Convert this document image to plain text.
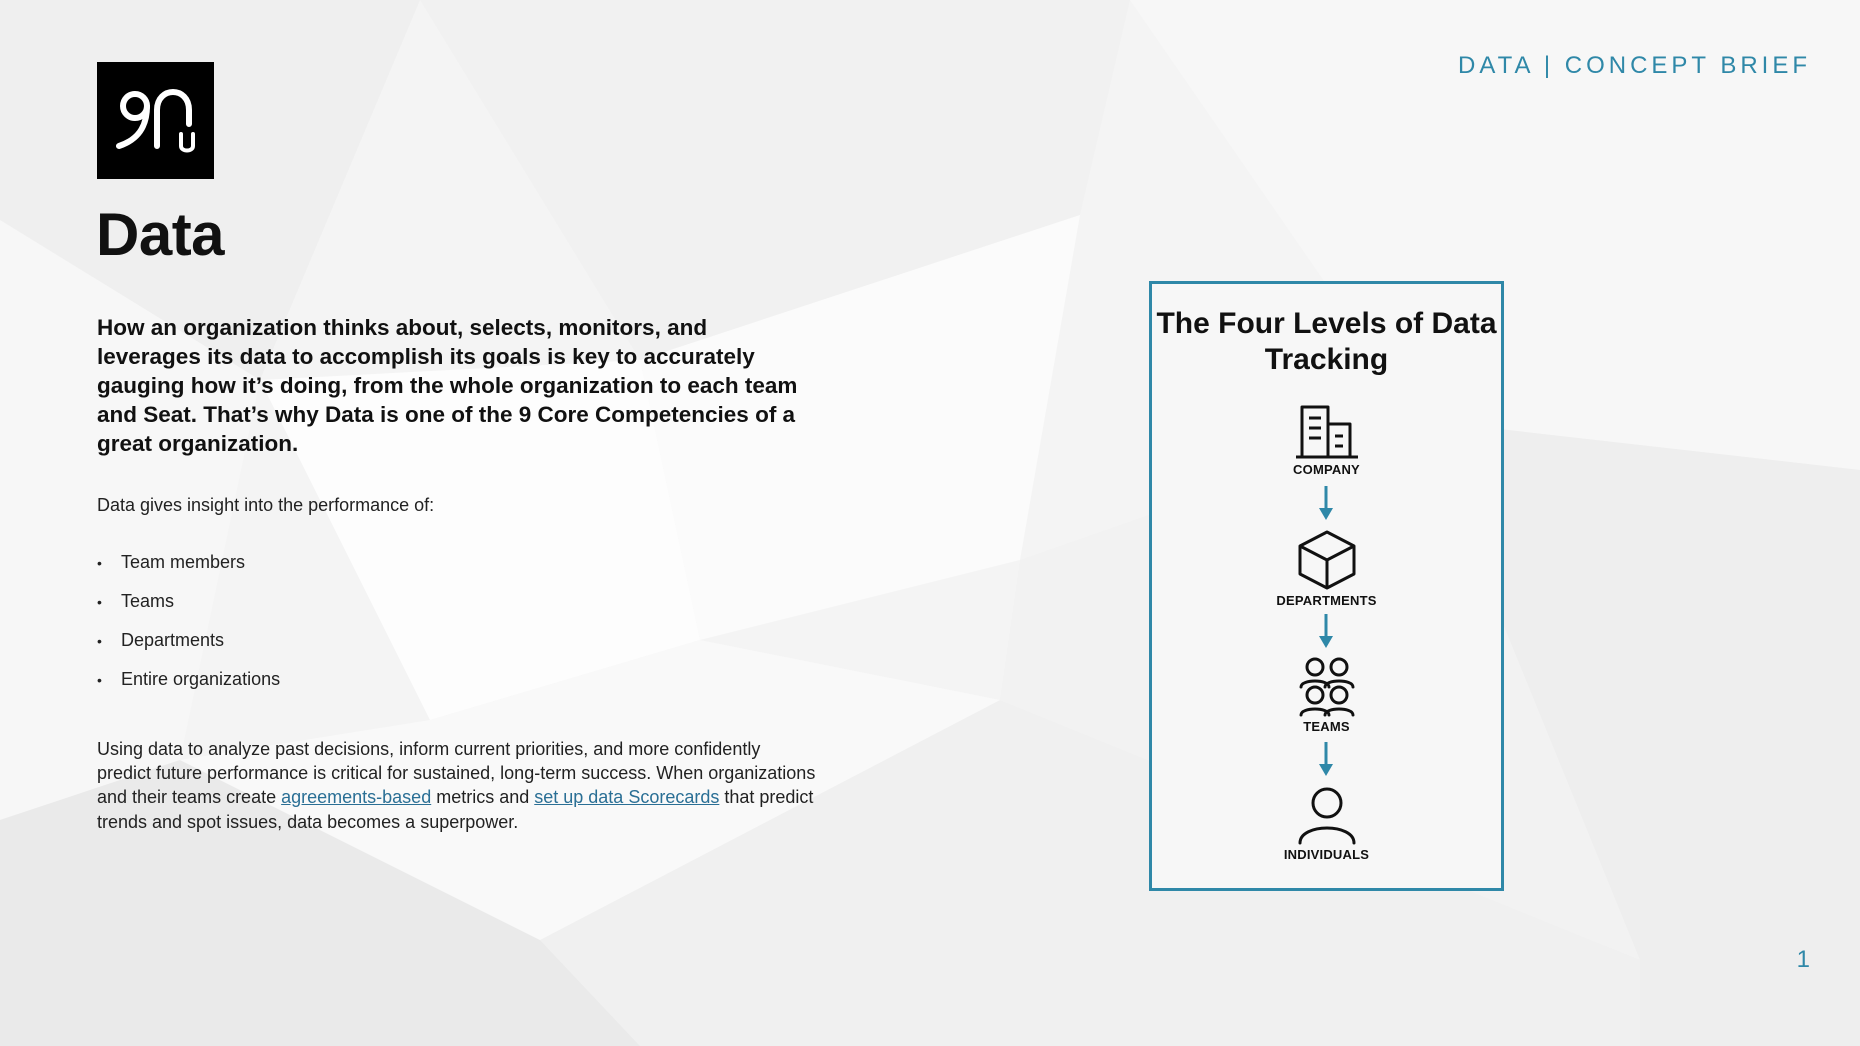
DATA | CONCEPT BRIEF
Data

How an organization thinks about, selects, monitors, and leverages its data to accomplish its goals is key to accurately gauging how it’s doing, from the whole organization to each team and Seat. That’s why Data is one of the 9 Core Competencies of a great organization.

Data gives insight into the performance of:

•	Team members
•	Teams
•	Departments
•	Entire organizations

Using data to analyze past decisions, inform current priorities, and more confidently predict future performance is critical for sustained, long-term success. When organizations and their teams create agreements-based metrics and set up data Scorecards that predict trends and spot issues, data becomes a superpower.

The Four Levels of Data Tracking
COMPANY
DEPARTMENTS
TEAMS
INDIVIDUALS
1
